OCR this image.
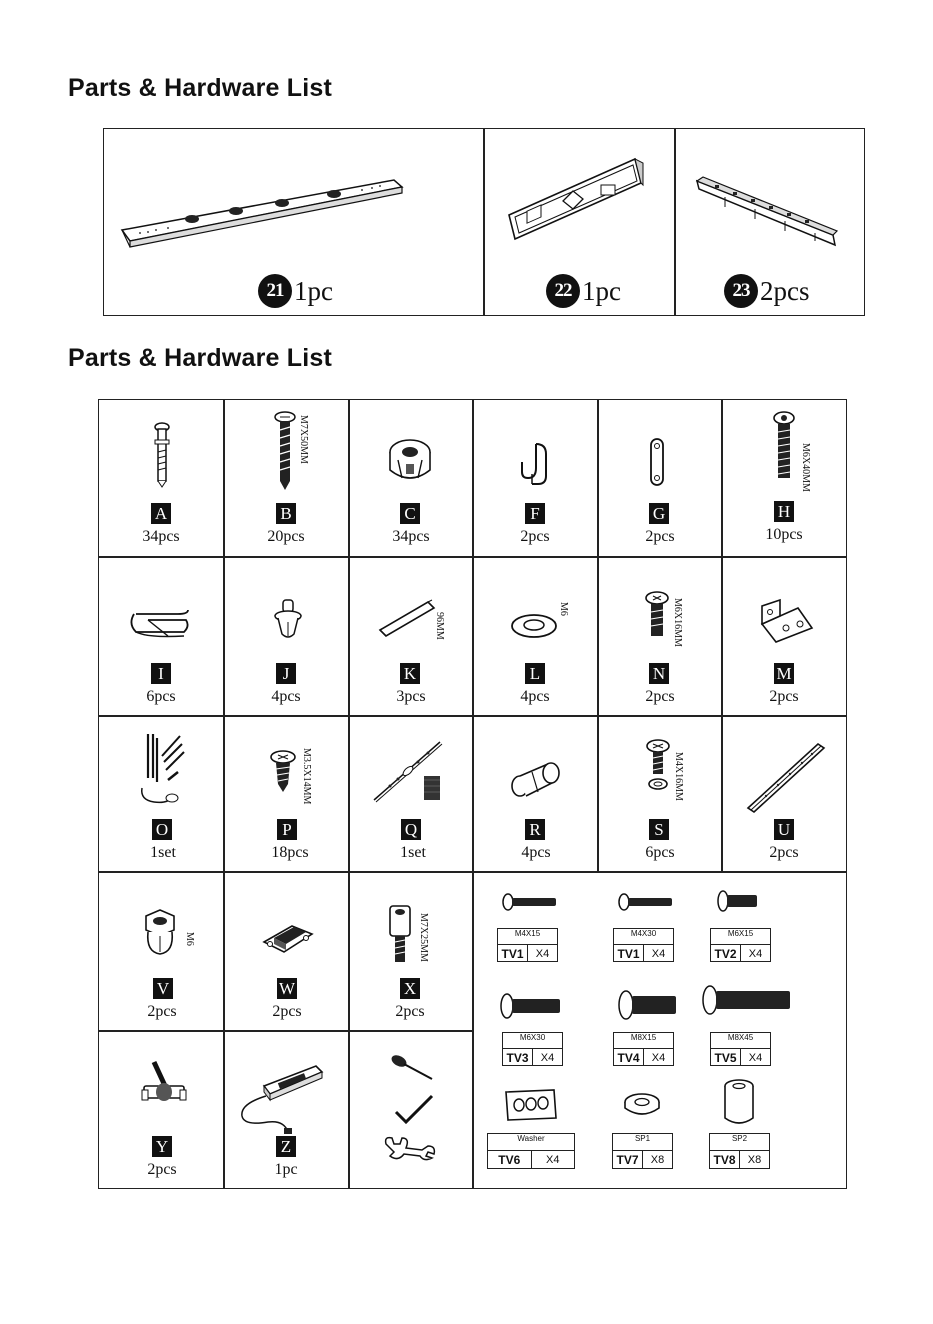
Parts & Hardware List
Parts & Hardware List
21 1pc	22 1pc	23 2pcs
A
34pcs
M7X50MM
B
20pcs
C
34pcs
F
2pcs
G
2pcs
M6X40MM
H
10pcs
I
6pcs
J
4pcs
96MM
K
3pcs
M6
L
4pcs
M6X16MM
N
2pcs
M
2pcs
O
1set
M3.5X14MM
P
18pcs
Q
1set
R
4pcs
M4X16MM
S
6pcs
U
2pcs
M6
V
2pcs
W
2pcs
M7X25MM
X
2pcs
Y
2pcs
Z
1pc
M4X15
TV1	X4
M4X30
TV1	X4
M6X15
TV2	X4
M6X30
TV3	X4
M8X15
TV4	X4
M8X45
TV5	X4
Washer
TV6	X4
SP1
TV7	X8
SP2
TV8	X8
